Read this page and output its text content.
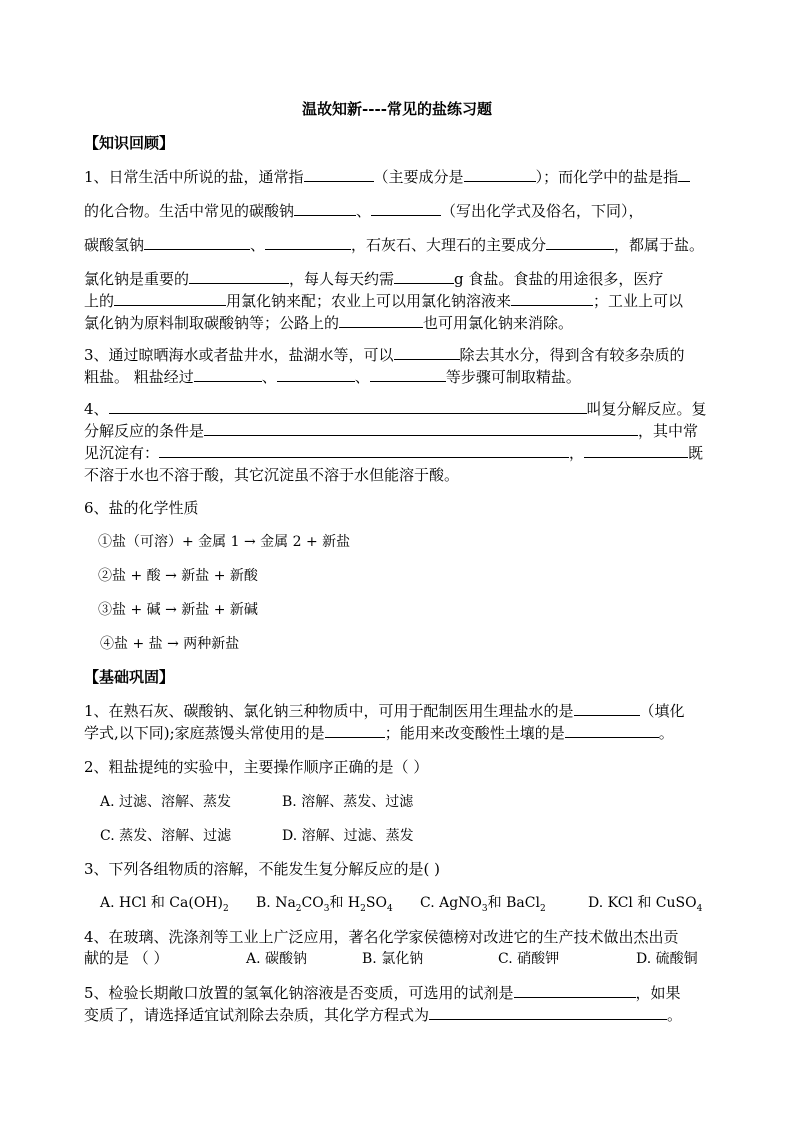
温故知新----常见的盐练习题
【知识回顾】
1、日常生活中所说的盐，通常指	（主要成分是	）；而化学中的盐是指
的化合物。生活中常见的碳酸钠	、	（写出化学式及俗名，下同），
碳酸氢钠	、	，石灰石、大理石的主要成分	，都属于盐。
氯化钠是重要的	，每人每天约需	g 食盐。食盐的用途很多，医疗
上的	用氯化钠来配；农业上可以用氯化钠溶液来	；工业上可以
氯化钠为原料制取碳酸钠等；公路上的	也可用氯化钠来消除。
3、通过晾晒海水或者盐井水，盐湖水等，可以	除去其水分，得到含有较多杂质的
粗盐。 粗盐经过	、	、	等步骤可制取精盐。
4、	叫复分解反应。复
分解反应的条件是	，其中常
见沉淀有：	，	既
不溶于水也不溶于酸，其它沉淀虽不溶于水但能溶于酸。
6、盐的化学性质
①盐（可溶）+ 金属 1 → 金属 2 + 新盐
②盐 + 酸 → 新盐 + 新酸
③盐 + 碱 → 新盐 + 新碱
④盐 + 盐 → 两种新盐
【基础巩固】
1、在熟石灰、碳酸钠、氯化钠三种物质中，可用于配制医用生理盐水的是	（填化
学式,以下同);家庭蒸馒头常使用的是	；能用来改变酸性土壤的是	。
2、粗盐提纯的实验中，主要操作顺序正确的是（ ）
A. 过滤、溶解、蒸发	B. 溶解、蒸发、过滤
C. 蒸发、溶解、过滤	D. 溶解、过滤、蒸发
3、下列各组物质的溶解，不能发生复分解反应的是( )
A. HCl 和 $Ca(OH)_2$ B. $Na_2CO_3$和 $H_2SO_4$ C. AgNO$_3$和 BaCl$_2$	D. KCl 和 CuSO$_4$
4、在玻璃、洗涤剂等工业上广泛应用，著名化学家侯德榜对改进它的生产技术做出杰出贡
献的是 （ ）	A. 碳酸钠	B. 氯化钠	C. 硝酸钾	D. 硫酸铜
5、检验长期敞口放置的氢氧化钠溶液是否变质，可选用的试剂是	，如果
变质了，请选择适宜试剂除去杂质，其化学方程式为	。
